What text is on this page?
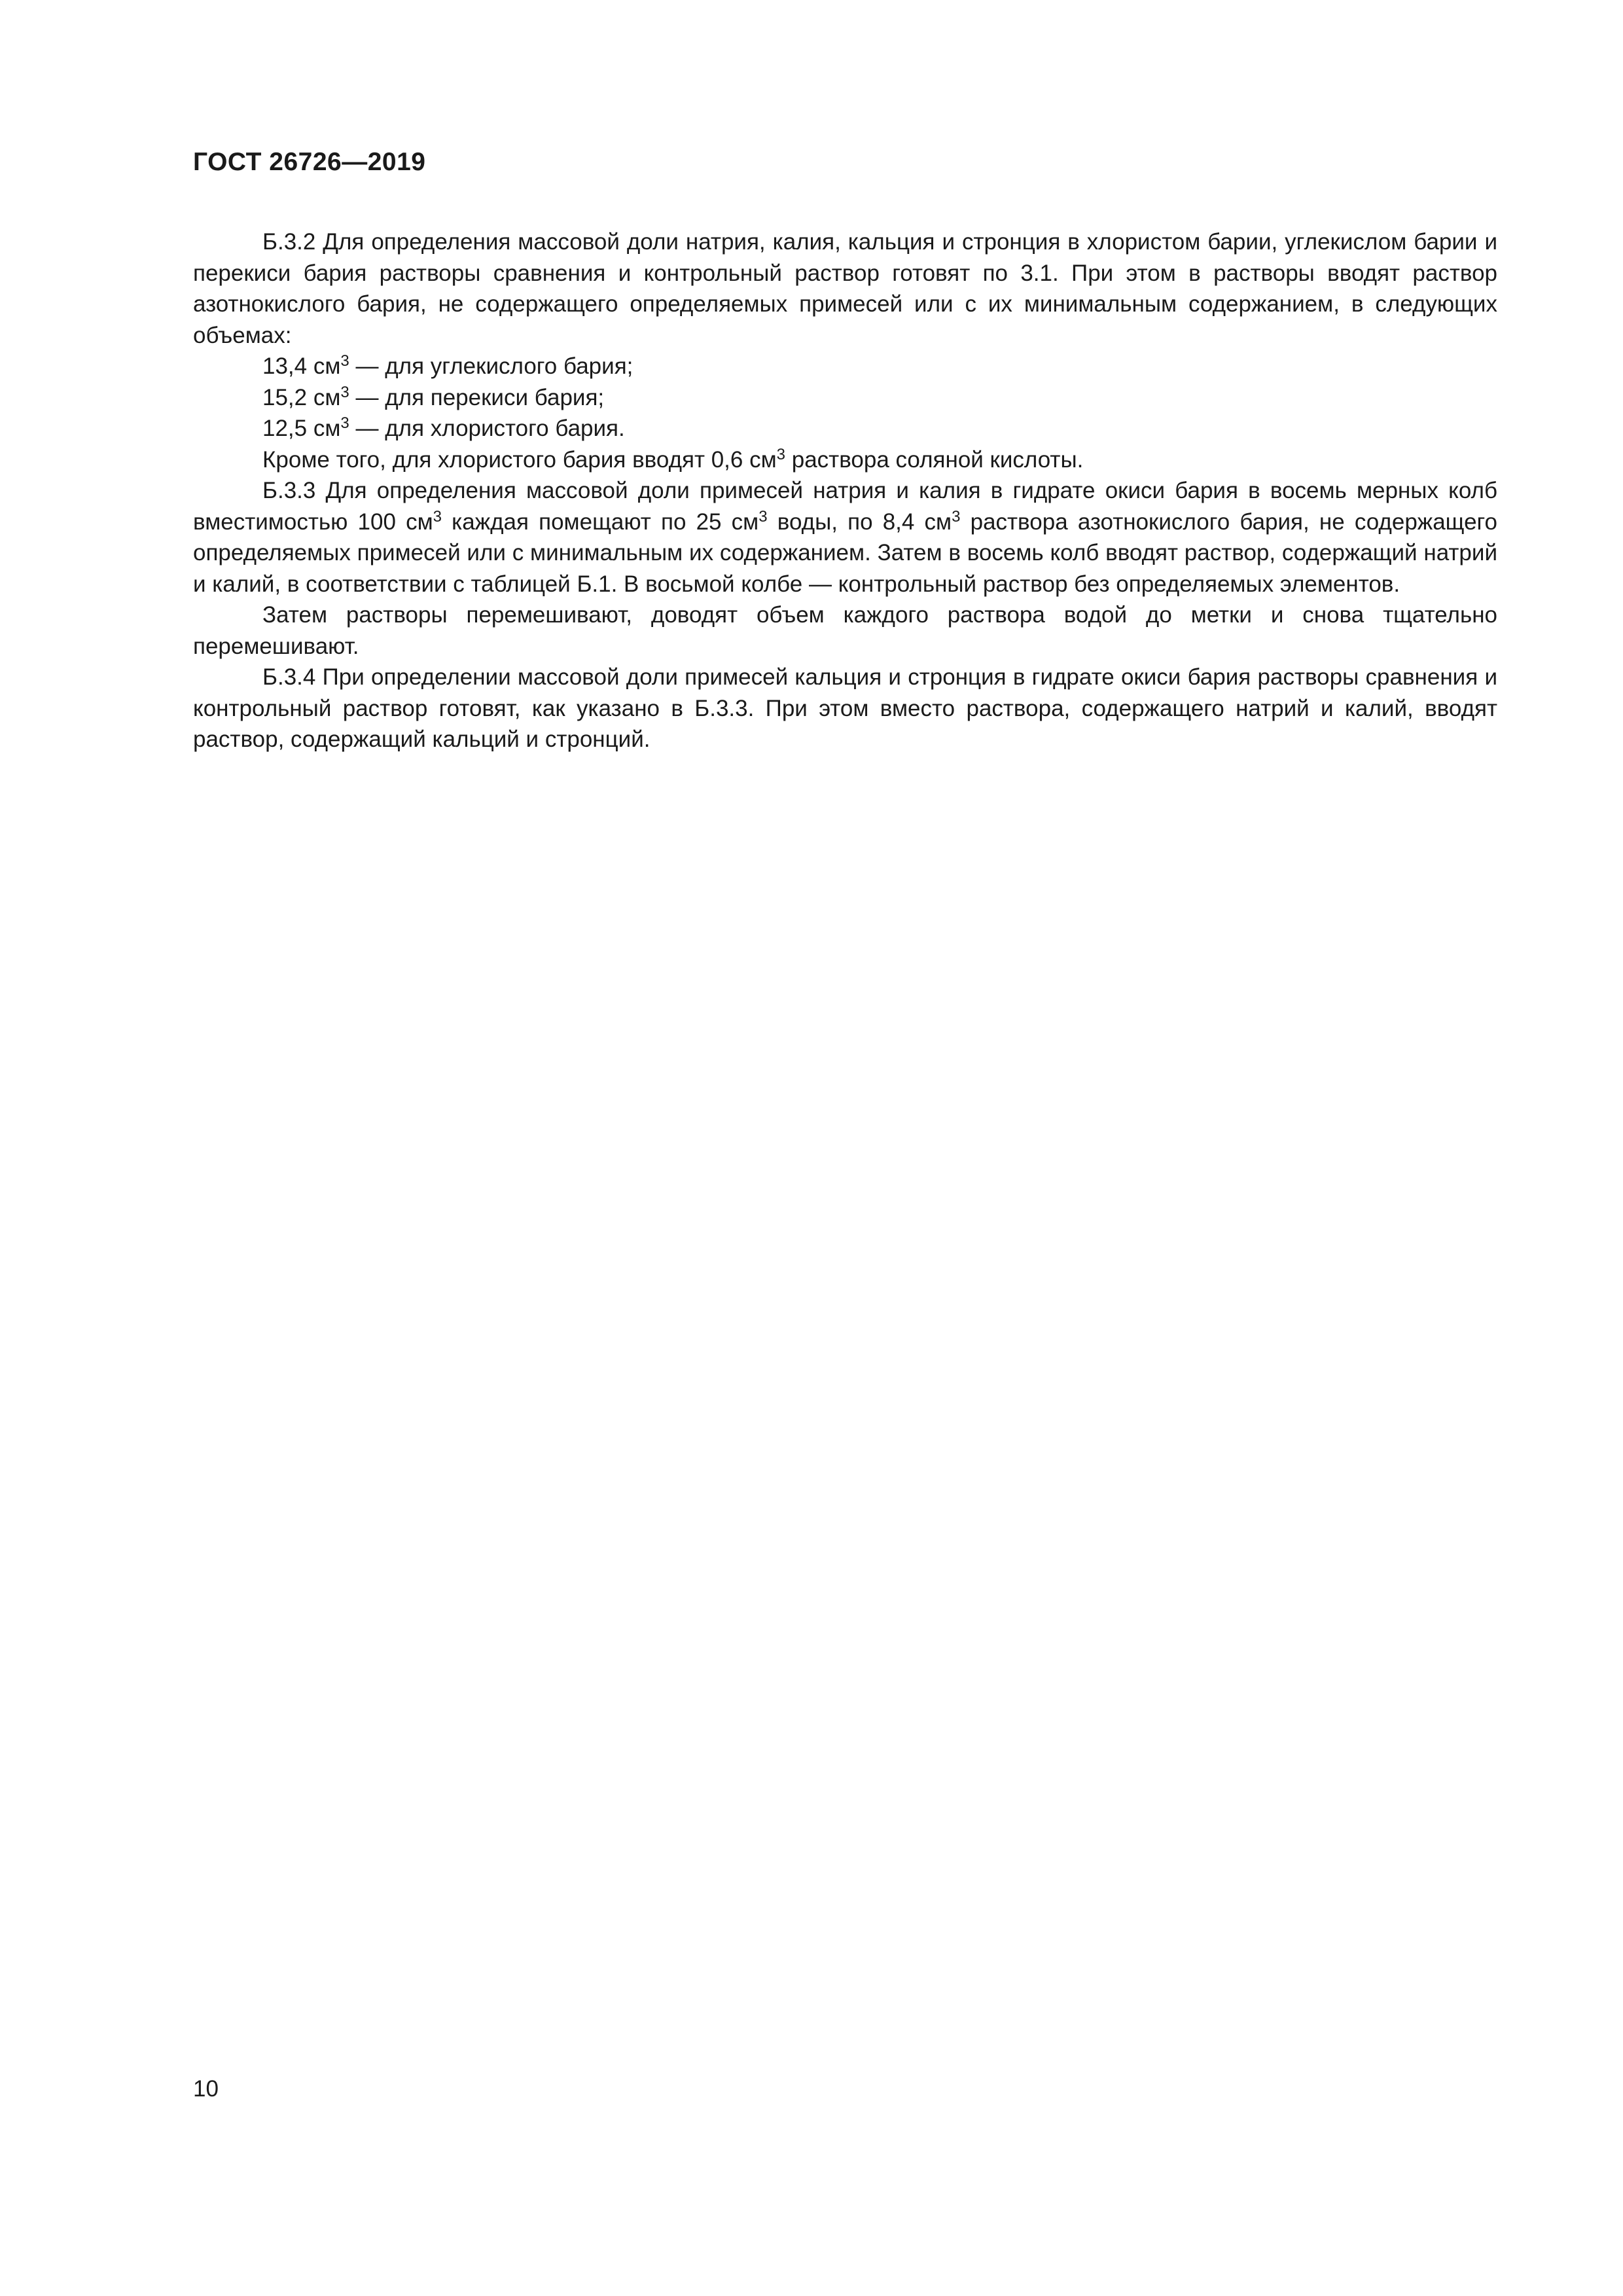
ГОСТ 26726—2019

Б.3.2 Для определения массовой доли натрия, калия, кальция и стронция в хлористом барии, углекислом барии и перекиси бария растворы сравнения и контрольный раствор готовят по 3.1. При этом в растворы вводят раствор азотнокислого бария, не содержащего определяемых примесей или с их минимальным содержанием, в следующих объемах:

13,4 $см^3$ — для углекислого бария;

15,2 $см^3$ — для перекиси бария;

12,5 $см^3$ — для хлористого бария.

Кроме того, для хлористого бария вводят 0,6 $см^3$ раствора соляной кислоты.

Б.3.3 Для определения массовой доли примесей натрия и калия в гидрате окиси бария в восемь мерных колб вместимостью 100 $см^3$ каждая помещают по 25 $см^3$ воды, по 8,4 $см^3$ раствора азотнокислого бария, не содержащего определяемых примесей или с минимальным их содержанием. Затем в восемь колб вводят раствор, содержащий натрий и калий, в соответствии с таблицей Б.1. В восьмой колбе — контрольный раствор без определяемых элементов.

Затем растворы перемешивают, доводят объем каждого раствора водой до метки и снова тщательно перемешивают.

Б.3.4 При определении массовой доли примесей кальция и стронция в гидрате окиси бария растворы сравнения и контрольный раствор готовят, как указано в Б.3.3. При этом вместо раствора, содержащего натрий и калий, вводят раствор, содержащий кальций и стронций.

10
